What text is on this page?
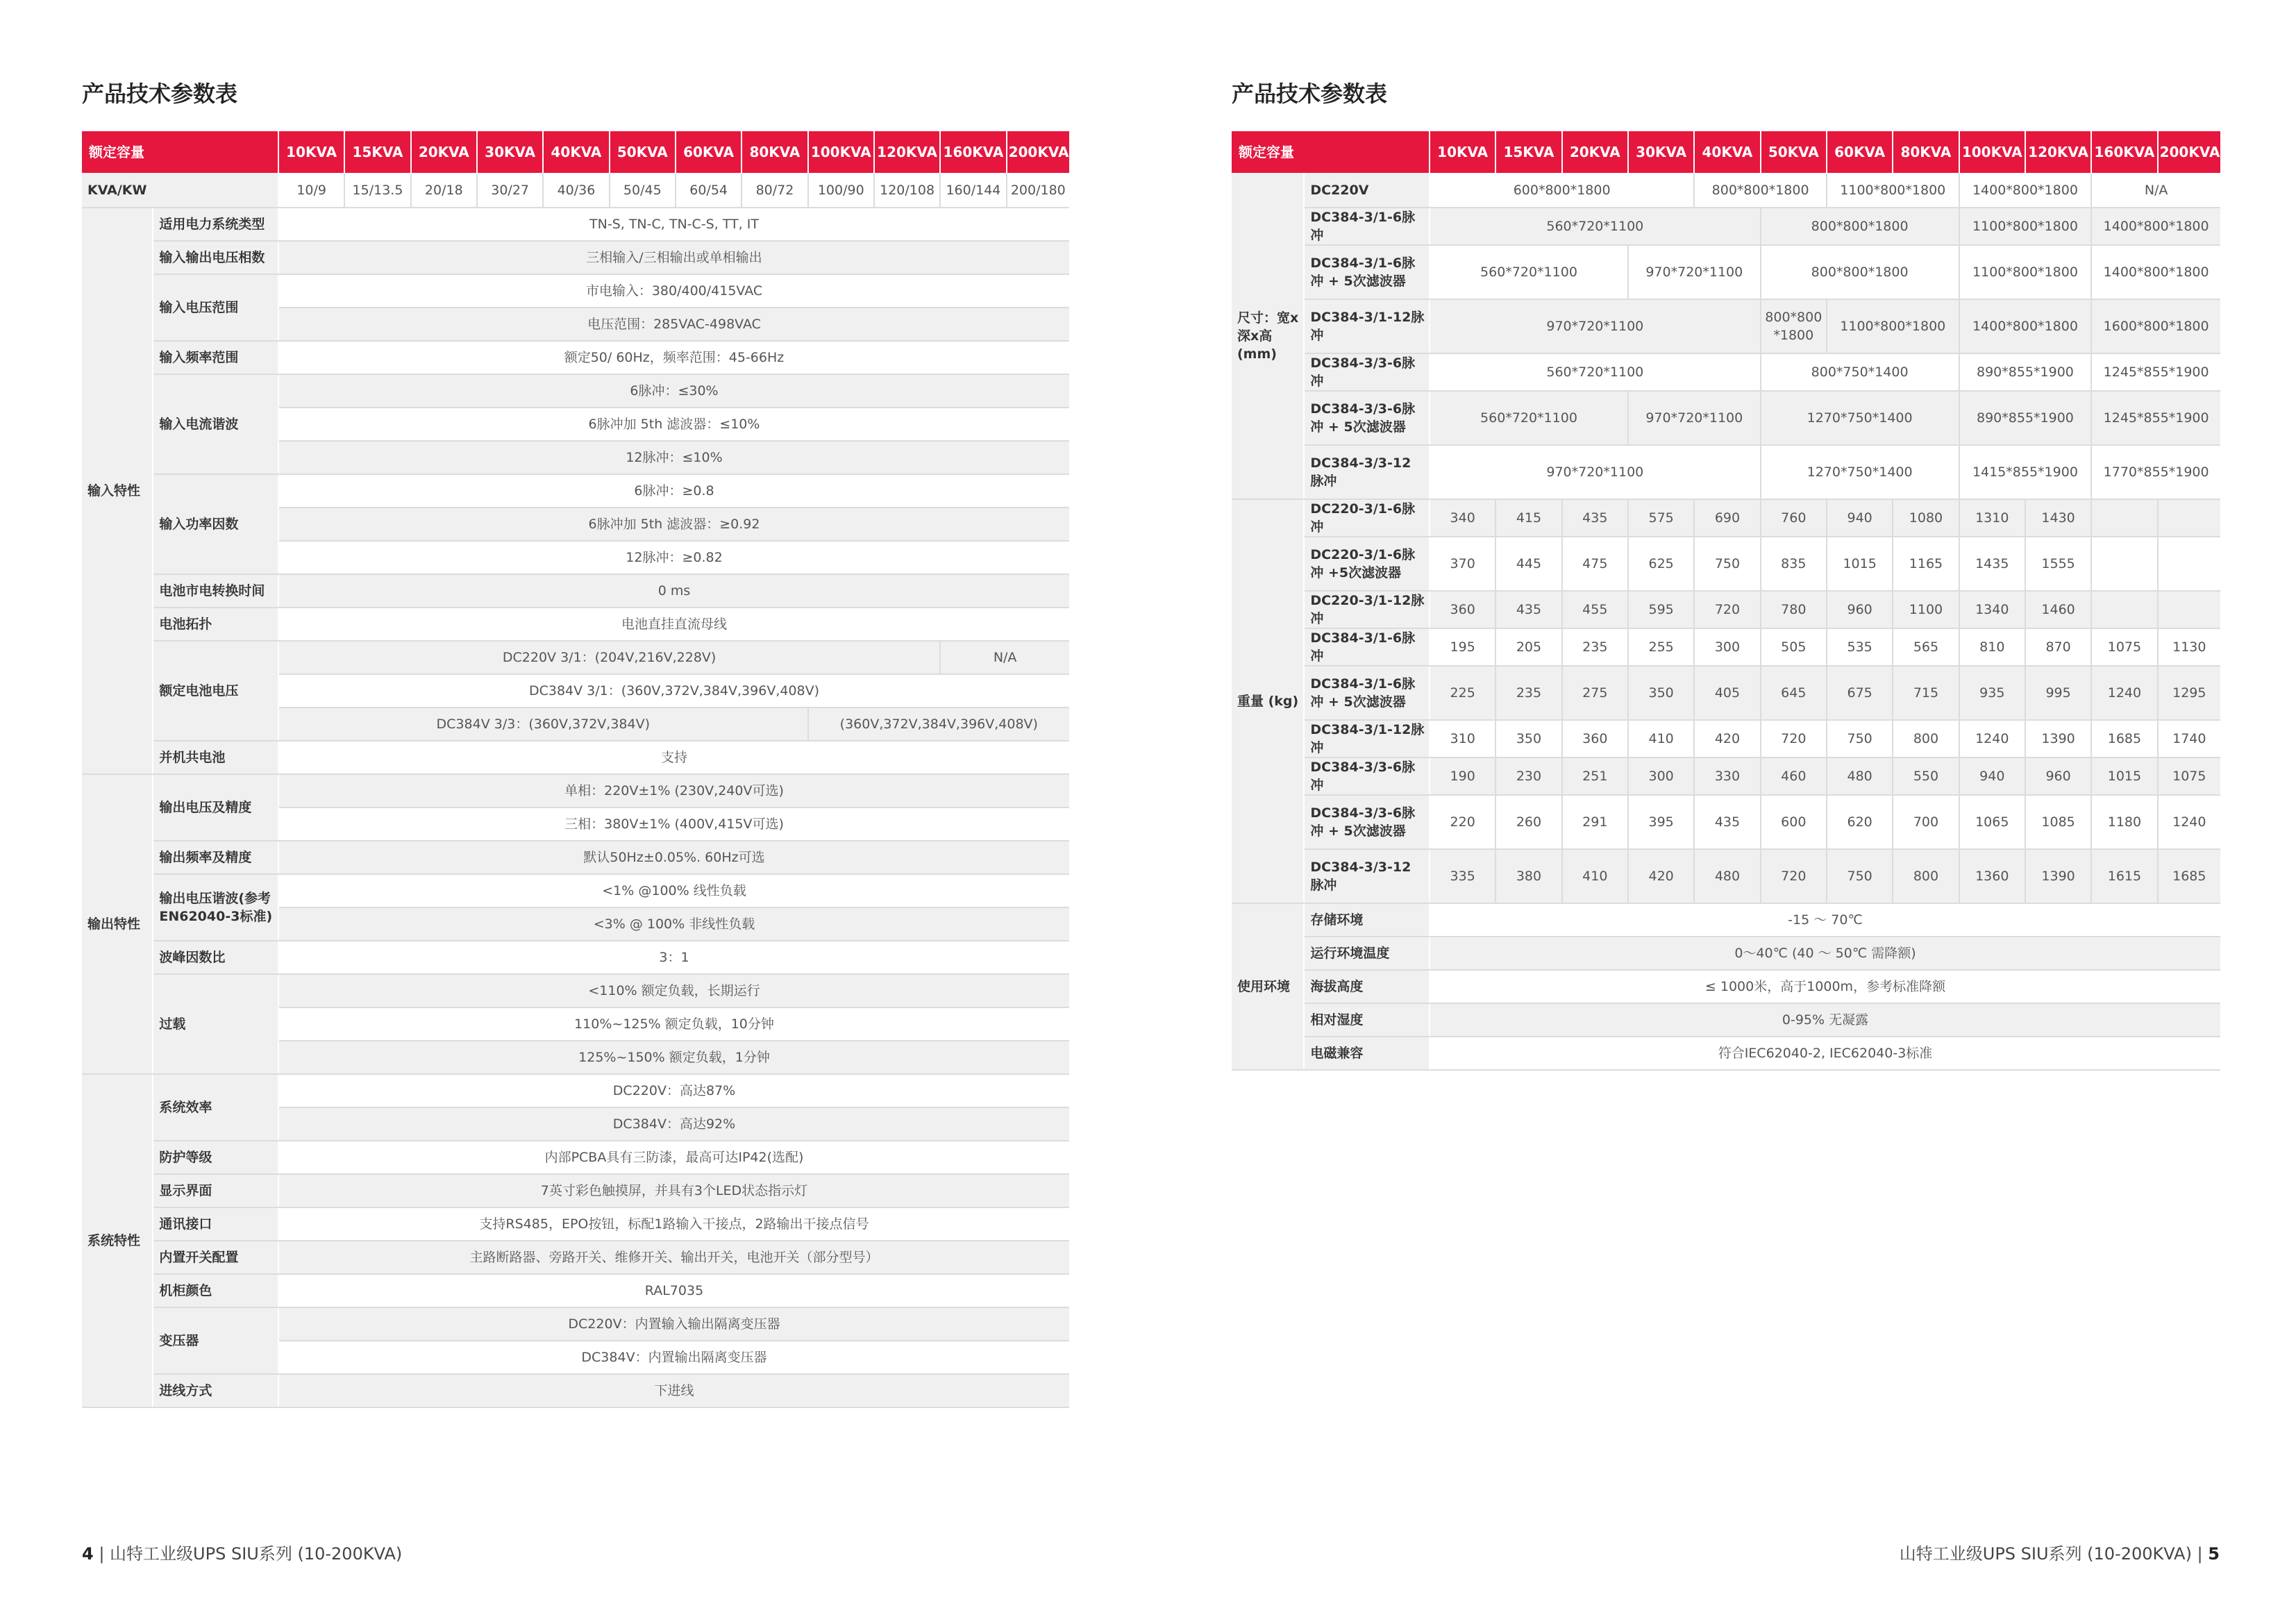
产品技术参数表
额定容量		10KVA	15KVA	20KVA	30KVA	40KVA	50KVA	60KVA	80KVA	100KVA	120KVA	160KVA	200KVA
KVA/KW		10/9	15/13.5	20/18	30/27	40/36	50/45	60/54	80/72	100/90	120/108	160/144	200/180
输入特性	适用电力系统类型	TN-S, TN-C, TN-C-S, TT, IT											
	输入输出电压相数	三相输入/三相输出或单相输出											
	输入电压范围	市电输入：380/400/415VAC											
		电压范围：285VAC-498VAC											
	输入频率范围	额定50/ 60Hz，频率范围：45-66Hz											
	输入电流谐波	6脉冲：≤30%											
		6脉冲加 5th 滤波器：≤10%											
		12脉冲：≤10%											
	输入功率因数	6脉冲：≥0.8											
		6脉冲加 5th 滤波器：≥0.92											
		12脉冲：≥0.82											
	电池市电转换时间	0 ms											
	电池拓扑	电池直挂直流母线											
	额定电池电压	DC220V 3/1：(204V,216V,228V)										N/A	
		DC384V 3/1：(360V,372V,384V,396V,408V)											
		DC384V 3/3：(360V,372V,384V)								(360V,372V,384V,396V,408V)			
	并机共电池	支持											
输出特性	输出电压及精度	单相：220V±1% (230V,240V可选)											
		三相：380V±1% (400V,415V可选)											
	输出频率及精度	默认50Hz±0.05%. 60Hz可选											
	输出电压谐波(参考EN62040-3标准)	<1% @100% 线性负载											
		<3% @ 100% 非线性负载											
	波峰因数比	3：1											
	过载	<110% 额定负载，长期运行											
		110%~125% 额定负载，10分钟											
		125%~150% 额定负载，1分钟											
系统特性	系统效率	DC220V：高达87%											
		DC384V：高达92%											
	防护等级	内部PCBA具有三防漆，最高可达IP42(选配)											
	显示界面	7英寸彩色触摸屏，并具有3个LED状态指示灯											
	通讯接口	支持RS485，EPO按钮，标配1路输入干接点，2路输出干接点信号											
	内置开关配置	主路断路器、旁路开关、维修开关、输出开关，电池开关（部分型号）											
	机柜颜色	RAL7035											
	变压器	DC220V：内置输入输出隔离变压器											
		DC384V：内置输出隔离变压器											
	进线方式	下进线											
4 | 山特工业级UPS SIU系列 (10-200KVA)
产品技术参数表
额定容量		10KVA	15KVA	20KVA	30KVA	40KVA	50KVA	60KVA	80KVA	100KVA	120KVA	160KVA	200KVA
尺寸：宽x深x高(mm)	DC220V	600*800*1800				800*800*1800		1100*800*1800		1400*800*1800		N/A	
	DC384-3/1-6脉冲	560*720*1100					800*800*1800			1100*800*1800		1400*800*1800	
	DC384-3/1-6脉冲 + 5次滤波器	560*720*1100			970*720*1100		800*800*1800			1100*800*1800		1400*800*1800	
	DC384-3/1-12脉冲	970*720*1100					800*800 *1800	1100*800*1800		1400*800*1800		1600*800*1800	
	DC384-3/3-6脉冲	560*720*1100					800*750*1400			890*855*1900		1245*855*1900	
	DC384-3/3-6脉冲 + 5次滤波器	560*720*1100			970*720*1100		1270*750*1400			890*855*1900		1245*855*1900	
	DC384-3/3-12 脉冲	970*720*1100					1270*750*1400			1415*855*1900		1770*855*1900	
重量 (kg)	DC220-3/1-6脉冲	340	415	435	575	690	760	940	1080	1310	1430		
	DC220-3/1-6脉冲 +5次滤波器	370	445	475	625	750	835	1015	1165	1435	1555		
	DC220-3/1-12脉冲	360	435	455	595	720	780	960	1100	1340	1460		
	DC384-3/1-6脉冲	195	205	235	255	300	505	535	565	810	870	1075	1130
	DC384-3/1-6脉冲 + 5次滤波器	225	235	275	350	405	645	675	715	935	995	1240	1295
	DC384-3/1-12脉冲	310	350	360	410	420	720	750	800	1240	1390	1685	1740
	DC384-3/3-6脉冲	190	230	251	300	330	460	480	550	940	960	1015	1075
	DC384-3/3-6脉冲 + 5次滤波器	220	260	291	395	435	600	620	700	1065	1085	1180	1240
	DC384-3/3-12 脉冲	335	380	410	420	480	720	750	800	1360	1390	1615	1685
使用环境	存储环境	-15 ～ 70℃											
	运行环境温度	0～40℃ (40 ～ 50℃ 需降额)											
	海拔高度	≤ 1000米，高于1000m，参考标准降额											
	相对湿度	0-95% 无凝露											
	电磁兼容	符合IEC62040-2, IEC62040-3标准											
山特工业级UPS SIU系列 (10-200KVA) | 5
